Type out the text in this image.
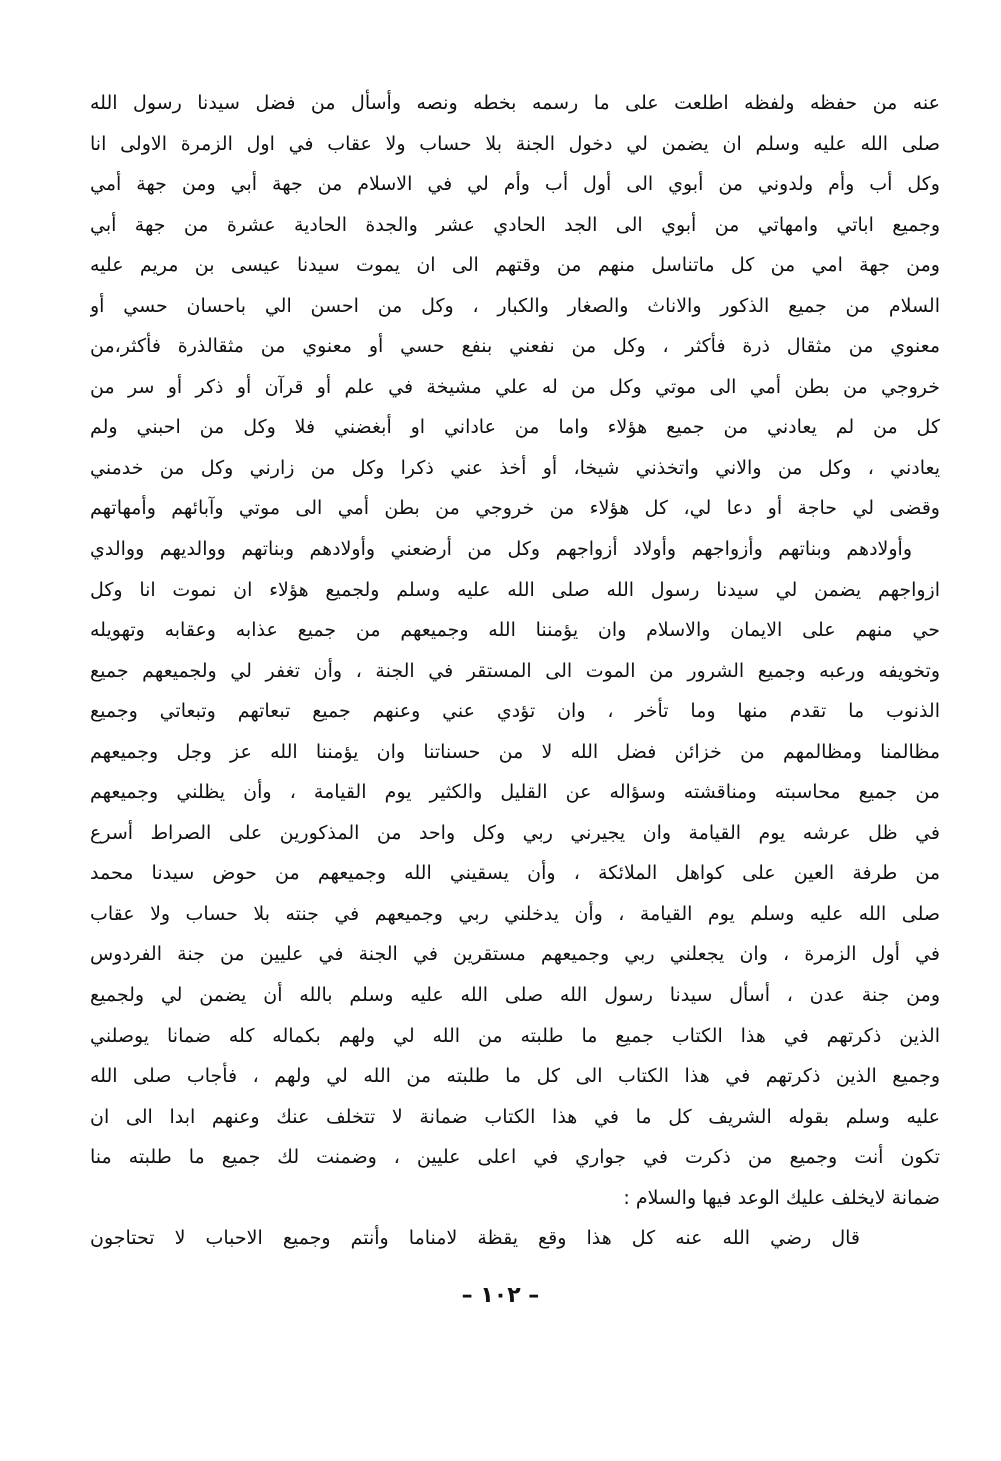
عنه من حفظه ولفظه اطلعت على ما رسمه بخطه ونصه وأسأل من فضل سيدنا رسول الله
صلى الله عليه وسلم ان يضمن لي دخول الجنة بلا حساب ولا عقاب في اول الزمرة الاولى انا
وكل أب وأم ولدوني من أبوي الى أول أب وأم لي في الاسلام من جهة أبي ومن جهة أمي
وجميع اباتي وامهاتي من أبوي الى الجد الحادي عشر والجدة الحادية عشرة من جهة أبي
ومن جهة امي من كل ماتناسل منهم من وقتهم الى ان يموت سيدنا عيسى بن مريم عليه
السلام من جميع الذكور والاناث والصغار والكبار ، وكل من احسن الي باحسان حسي أو
معنوي من مثقال ذرة فأكثر ، وكل من نفعني بنفع حسي أو معنوي من مثقالذرة فأكثر،من
خروجي من بطن أمي الى موتي وكل من له علي مشيخة في علم أو قرآن أو ذكر أو سر من
كل من لم يعادني من جميع هؤلاء واما من عاداني او أبغضني فلا وكل من احبني ولم
يعادني ، وكل من والاني واتخذني شيخا، أو أخذ عني ذكرا وكل من زارني وكل من خدمني
وقضى لي حاجة أو دعا لي، كل هؤلاء من خروجي من بطن أمي الى موتي وآبائهم وأمهاتهم
وأولادهم وبناتهم وأزواجهم وأولاد أزواجهم وكل من أرضعني وأولادهم وبناتهم ووالديهم ووالدي
ازواجهم يضمن لي سيدنا رسول الله صلى الله عليه وسلم ولجميع هؤلاء ان نموت انا وكل
حي منهم على الايمان والاسلام وان يؤمننا الله وجميعهم من جميع عذابه وعقابه وتهويله
وتخويفه ورعبه وجميع الشرور من الموت الى المستقر في الجنة ، وأن تغفر لي ولجميعهم جميع
الذنوب ما تقدم منها وما تأخر ، وان تؤدي عني وعنهم جميع تبعاتهم وتبعاتي وجميع
مظالمنا ومظالمهم من خزائن فضل الله لا من حسناتنا وان يؤمننا الله عز وجل وجميعهم
من جميع محاسبته ومناقشته وسؤاله عن القليل والكثير يوم القيامة ، وأن يظلني وجميعهم
في ظل عرشه يوم القيامة وان يجيرني ربي وكل واحد من المذكورين على الصراط أسرع
من طرفة العين على كواهل الملائكة ، وأن يسقيني الله وجميعهم من حوض سيدنا محمد
صلى الله عليه وسلم يوم القيامة ، وأن يدخلني ربي وجميعهم في جنته بلا حساب ولا عقاب
في أول الزمرة ، وان يجعلني ربي وجميعهم مستقرين في الجنة في عليين من جنة الفردوس
ومن جنة عدن ، أسأل سيدنا رسول الله صلى الله عليه وسلم بالله أن يضمن لي ولجميع
الذين ذكرتهم في هذا الكتاب جميع ما طلبته من الله لي ولهم بكماله كله ضمانا يوصلني
وجميع الذين ذكرتهم في هذا الكتاب الى كل ما طلبته من الله لي ولهم ، فأجاب صلى الله
عليه وسلم بقوله الشريف كل ما في هذا الكتاب ضمانة لا تتخلف عنك وعنهم ابدا الى ان
تكون أنت وجميع من ذكرت في جواري في اعلى عليين ، وضمنت لك جميع ما طلبته منا
ضمانة لايخلف عليك الوعد فيها والسلام :
قال رضي الله عنه كل هذا وقع يقظة لامناما وأنتم وجميع الاحباب لا تحتاجون
– ١٠٢ –
